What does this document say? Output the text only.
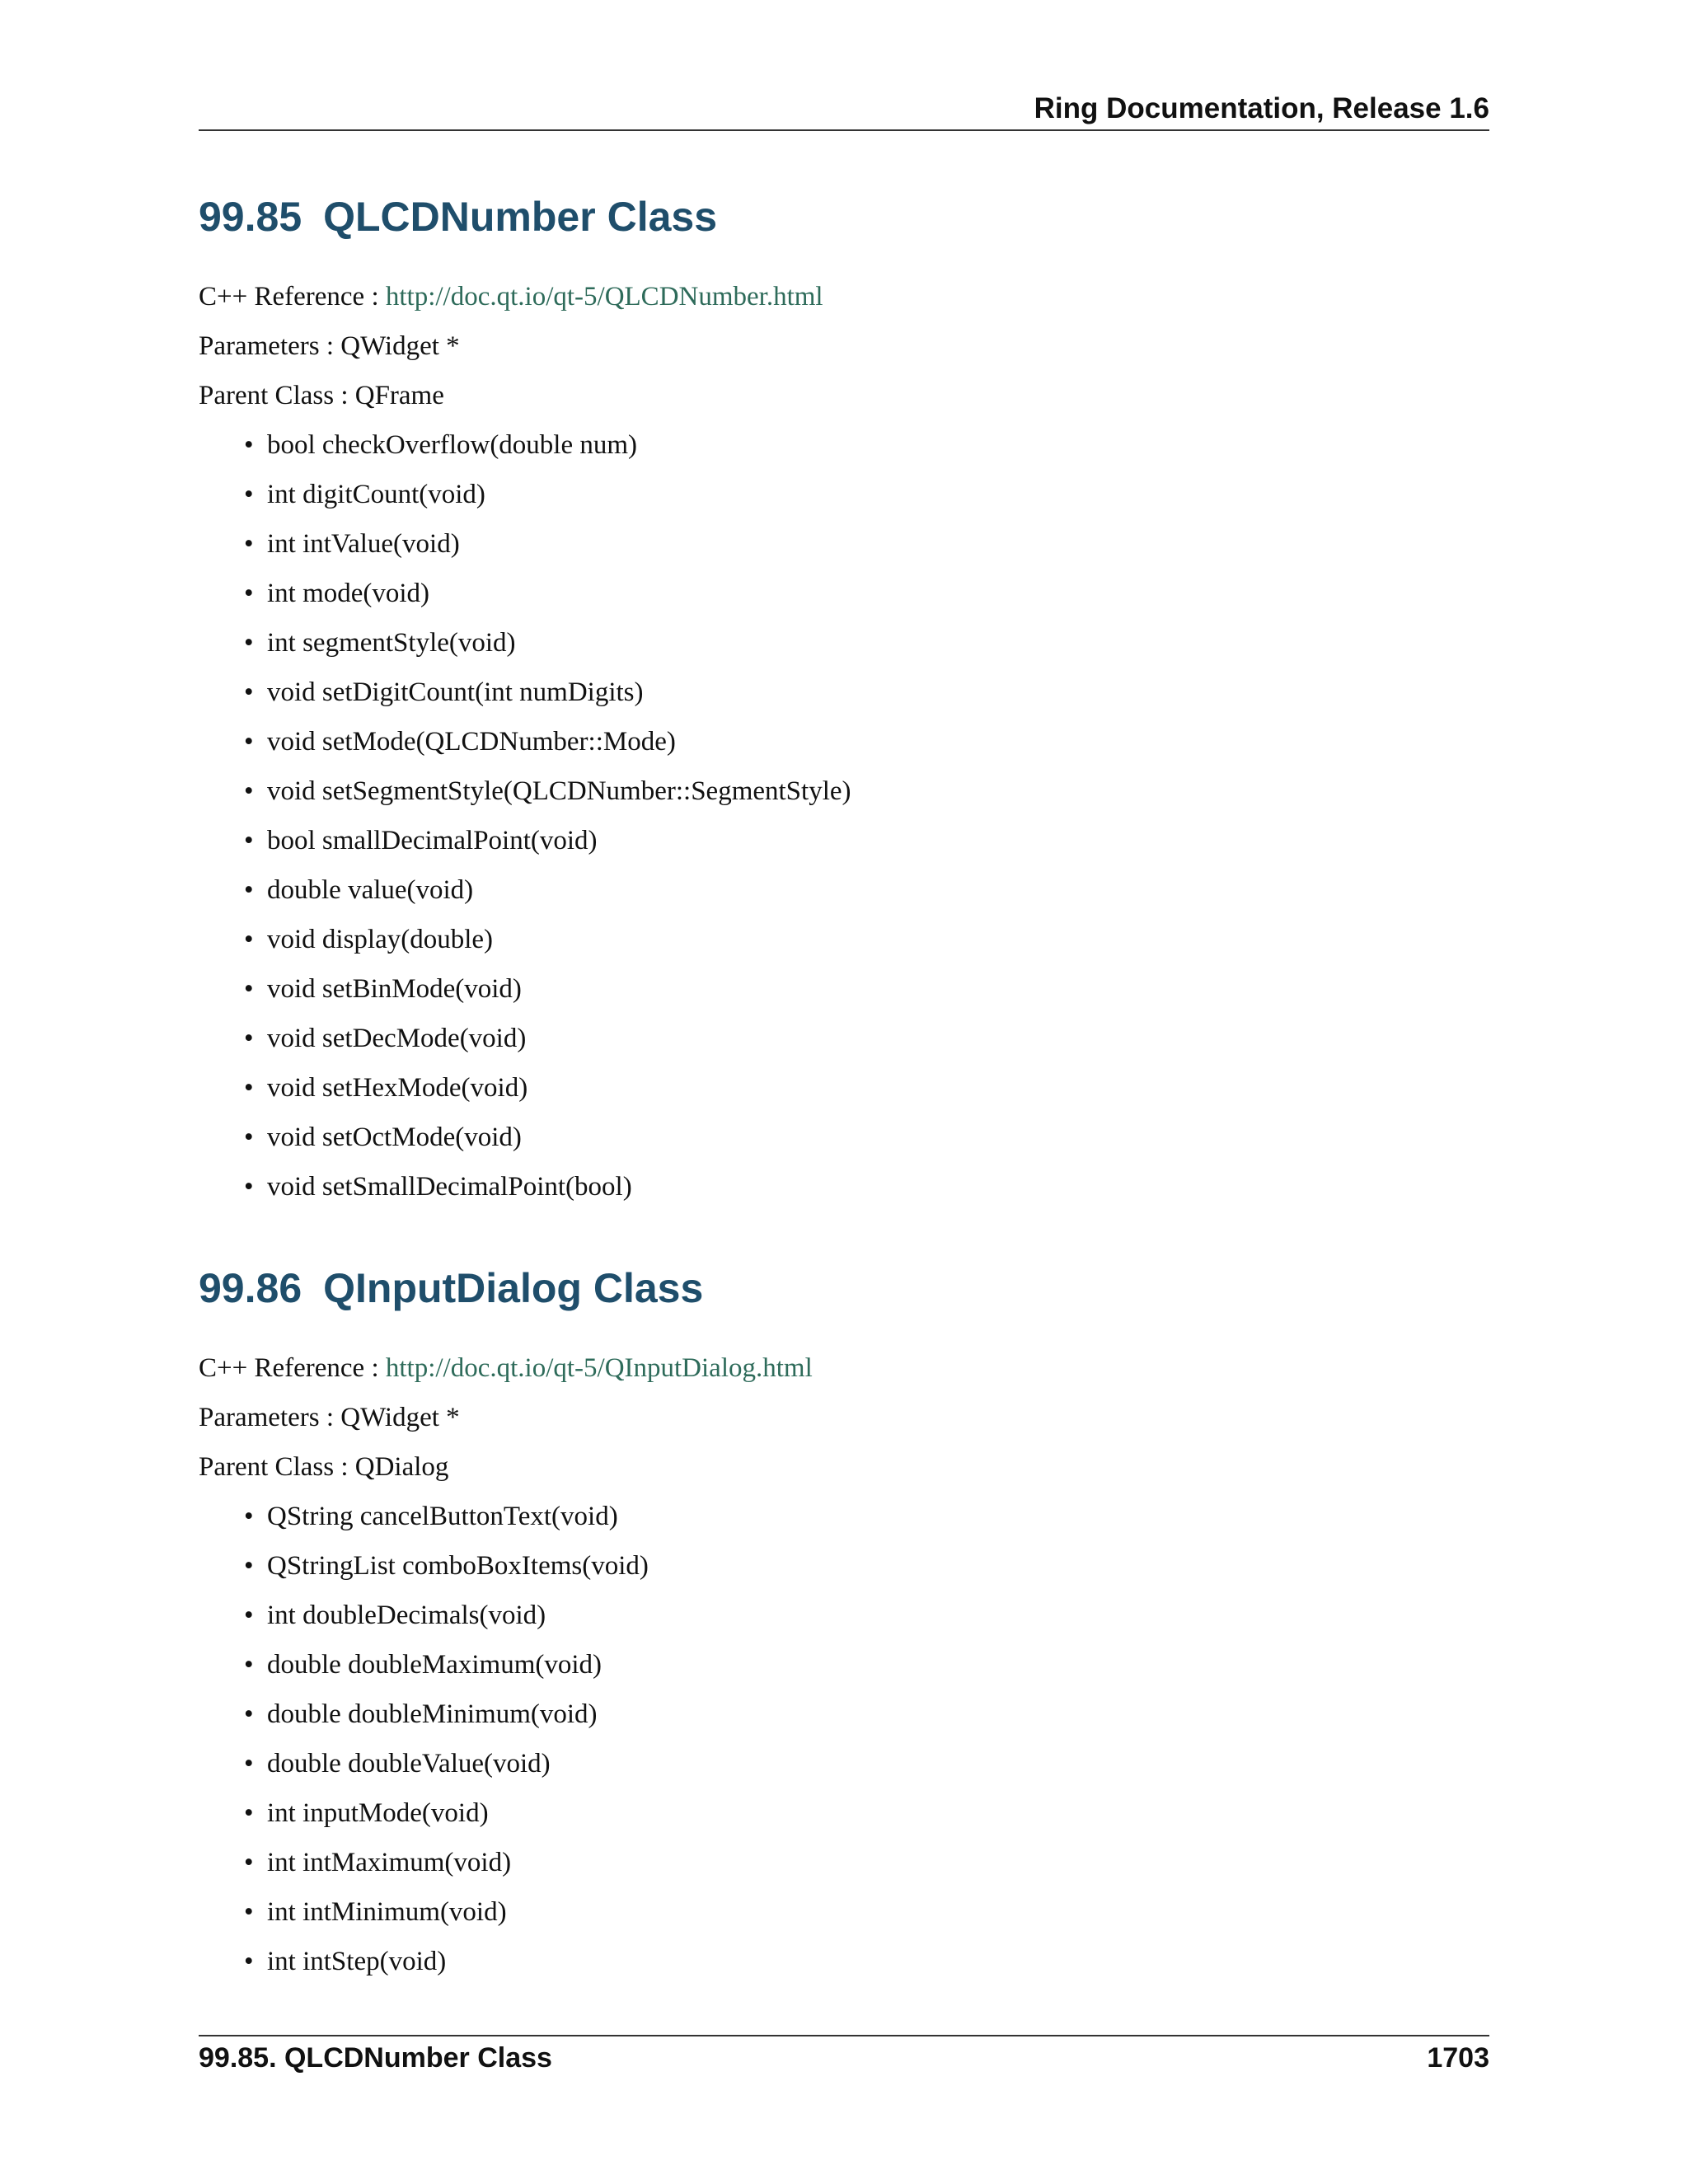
Ring Documentation, Release 1.6
99.85 QLCDNumber Class

C++ Reference : http://doc.qt.io/qt-5/QLCDNumber.html

Parameters : QWidget *

Parent Class : QFrame

• bool checkOverflow(double num)
• int digitCount(void)
• int intValue(void)
• int mode(void)
• int segmentStyle(void)
• void setDigitCount(int numDigits)
• void setMode(QLCDNumber::Mode)
• void setSegmentStyle(QLCDNumber::SegmentStyle)
• bool smallDecimalPoint(void)
• double value(void)
• void display(double)
• void setBinMode(void)
• void setDecMode(void)
• void setHexMode(void)
• void setOctMode(void)
• void setSmallDecimalPoint(bool)
99.86 QInputDialog Class

C++ Reference : http://doc.qt.io/qt-5/QInputDialog.html

Parameters : QWidget *

Parent Class : QDialog

• QString cancelButtonText(void)
• QStringList comboBoxItems(void)
• int doubleDecimals(void)
• double doubleMaximum(void)
• double doubleMinimum(void)
• double doubleValue(void)
• int inputMode(void)
• int intMaximum(void)
• int intMinimum(void)
• int intStep(void)
99.85. QLCDNumber Class	1703
